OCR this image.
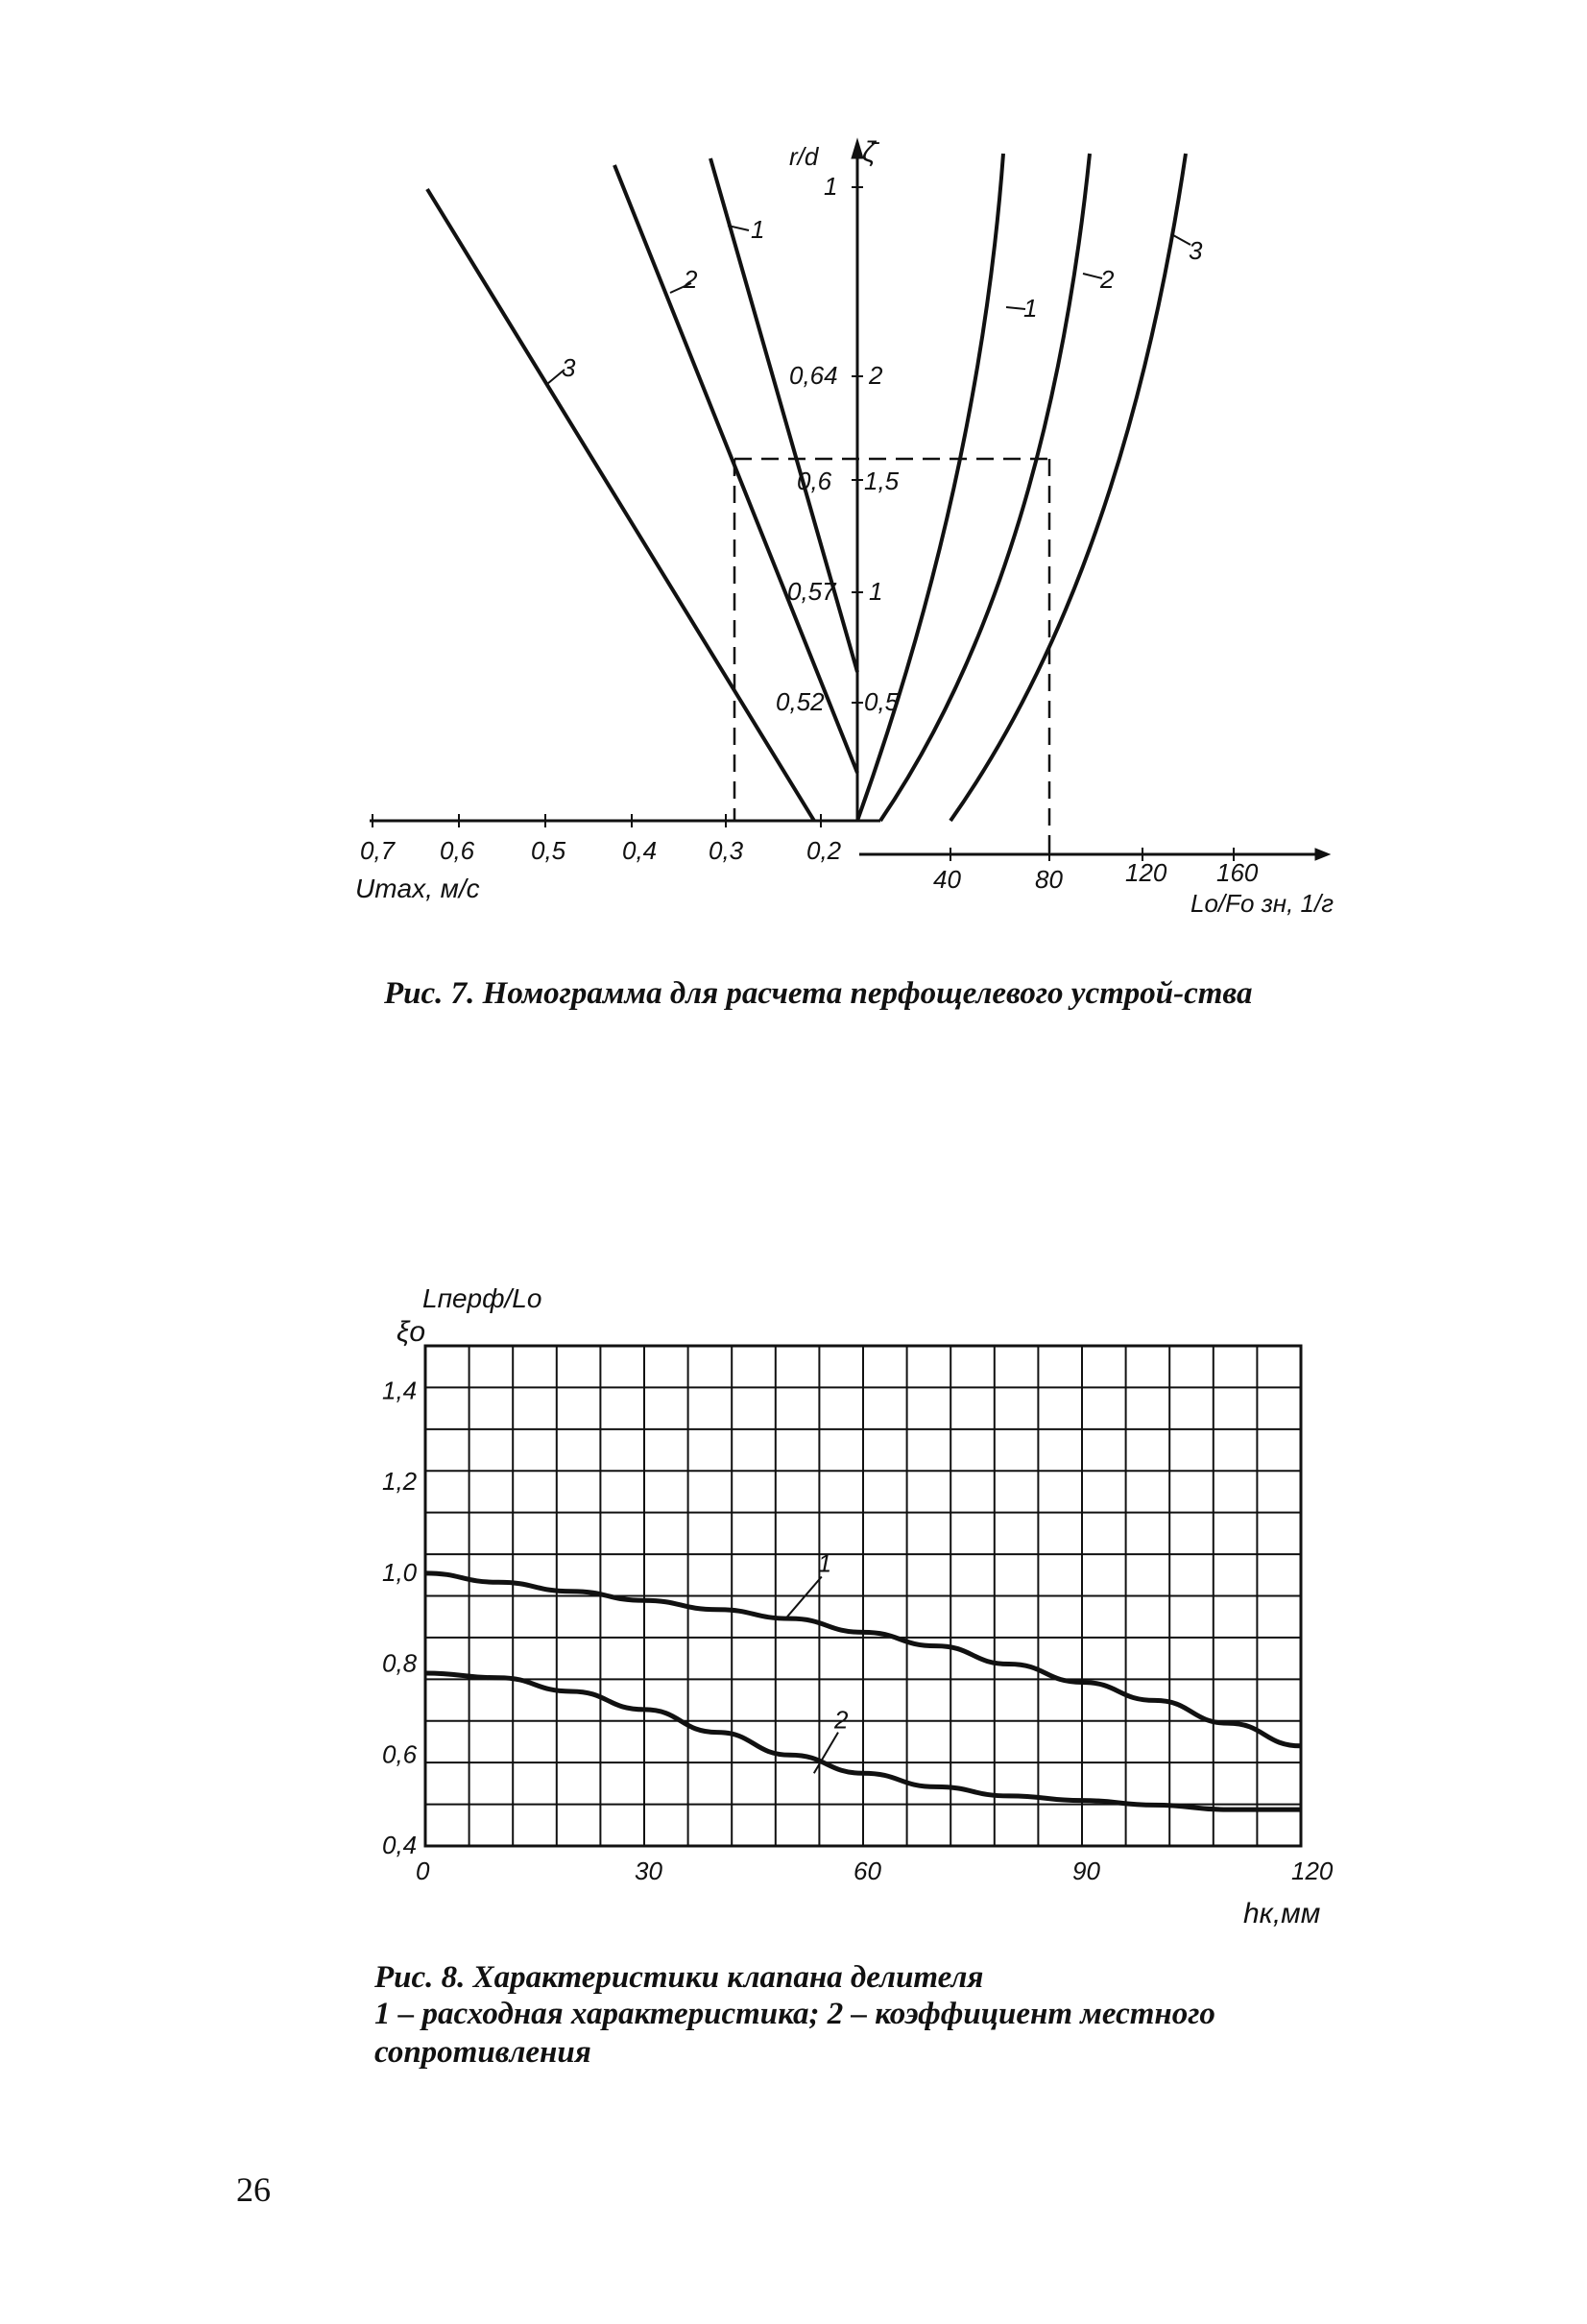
0,7 0,6 0,5 0,4 0,3	0,2
Umax, м/с	40	80	120 160
Lo/Fo зн, 1/г
r/d ζ̄
1
2
1,5
1
0,5
0,64
0,6
0,57
0,52
1
2
3
1
2
3
1,4
1,2
1,0
0,8
0,6
0,4
0	30	60	90	120
hк,мм
ξo
Lперф/Lo
1
2
Рис. 7. Номограмма для расчета перфощелевого устрой-ства
Рис. 8. Характеристики клапана делителя
1 – расходная характеристика; 2 – коэффициент местного сопротивления
26
